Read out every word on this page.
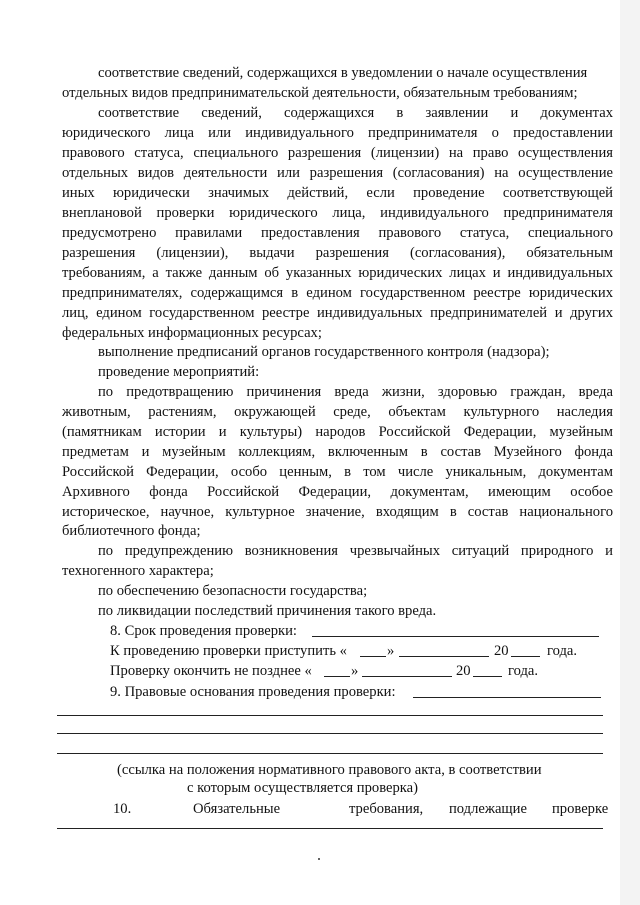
соответствие сведений, содержащихся в уведомлении о начале осуществления
отдельных видов предпринимательской деятельности, обязательным требованиям;
соответствие сведений, содержащихся в заявлении и документах
юридического лица или индивидуального предпринимателя о предоставлении
правового статуса, специального разрешения (лицензии) на право осуществления
отдельных видов деятельности или разрешения (согласования) на осуществление
иных юридически значимых действий, если проведение соответствующей
внеплановой проверки юридического лица, индивидуального предпринимателя
предусмотрено правилами предоставления правового статуса, специального
разрешения (лицензии), выдачи разрешения (согласования), обязательным
требованиям, а также данным об указанных юридических лицах и индивидуальных
предпринимателях, содержащимся в едином государственном реестре юридических
лиц, едином государственном реестре индивидуальных предпринимателей и других
федеральных информационных ресурсах;
выполнение предписаний органов государственного контроля (надзора);
проведение мероприятий:
по предотвращению причинения вреда жизни, здоровью граждан, вреда
животным, растениям, окружающей среде, объектам культурного наследия
(памятникам истории и культуры) народов Российской Федерации, музейным
предметам и музейным коллекциям, включенным в состав Музейного фонда
Российской Федерации, особо ценным, в том числе уникальным, документам
Архивного фонда Российской Федерации, документам, имеющим особое
историческое, научное, культурное значение, входящим в состав национального
библиотечного фонда;
по предупреждению возникновения чрезвычайных ситуаций природного и
техногенного характера;
по обеспечению безопасности государства;
по ликвидации последствий причинения такого вреда.
8. Срок проведения проверки:
К проведению проверки приступить «	»	20	года.
Проверку окончить не позднее «	»	20	года.
9. Правовые основания проведения проверки:
(ссылка на положения нормативного правового акта, в соответствии
с которым осуществляется проверка)
10.	Обязательные	требования, подлежащие проверке
